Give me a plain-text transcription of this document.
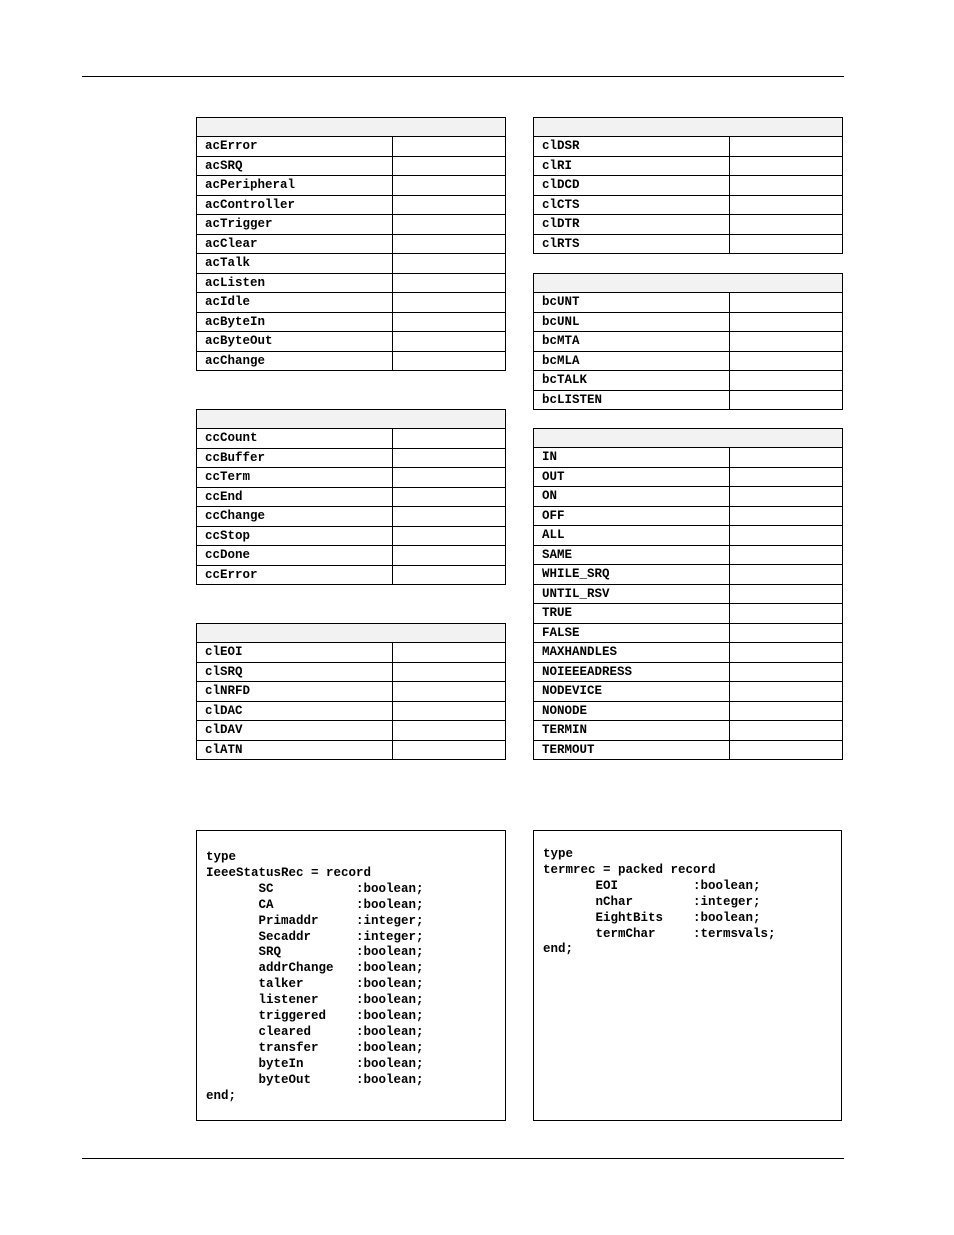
acError	
acSRQ	
acPeripheral	
acController	
acTrigger	
acClear	
acTalk	
acListen	
acIdle	
acByteIn	
acByteOut	
acChange	

ccCount	
ccBuffer	
ccTerm	
ccEnd	
ccChange	
ccStop	
ccDone	
ccError	

clEOI	
clSRQ	
clNRFD	
clDAC	
clDAV	
clATN	

clDSR	
clRI	
clDCD	
clCTS	
clDTR	
clRTS	

bcUNT	
bcUNL	
bcMTA	
bcMLA	
bcTALK	
bcLISTEN	

IN	
OUT	
ON	
OFF	
ALL	
SAME	
WHILE_SRQ	
UNTIL_RSV	
TRUE	
FALSE	
MAXHANDLES	
NOIEEEADRESS	
NODEVICE	
NONODE	
TERMIN	
TERMOUT	
type
IeeeStatusRec = record
SC           :boolean;
CA           :boolean;
Primaddr     :integer;
Secaddr      :integer;
SRQ          :boolean;
addrChange   :boolean;
talker       :boolean;
listener     :boolean;
triggered    :boolean;
cleared      :boolean;
transfer     :boolean;
byteIn       :boolean;
byteOut      :boolean;
end;
type
termrec = packed record
EOI          :boolean;
nChar        :integer;
EightBits    :boolean;
termChar     :termsvals;
end;
